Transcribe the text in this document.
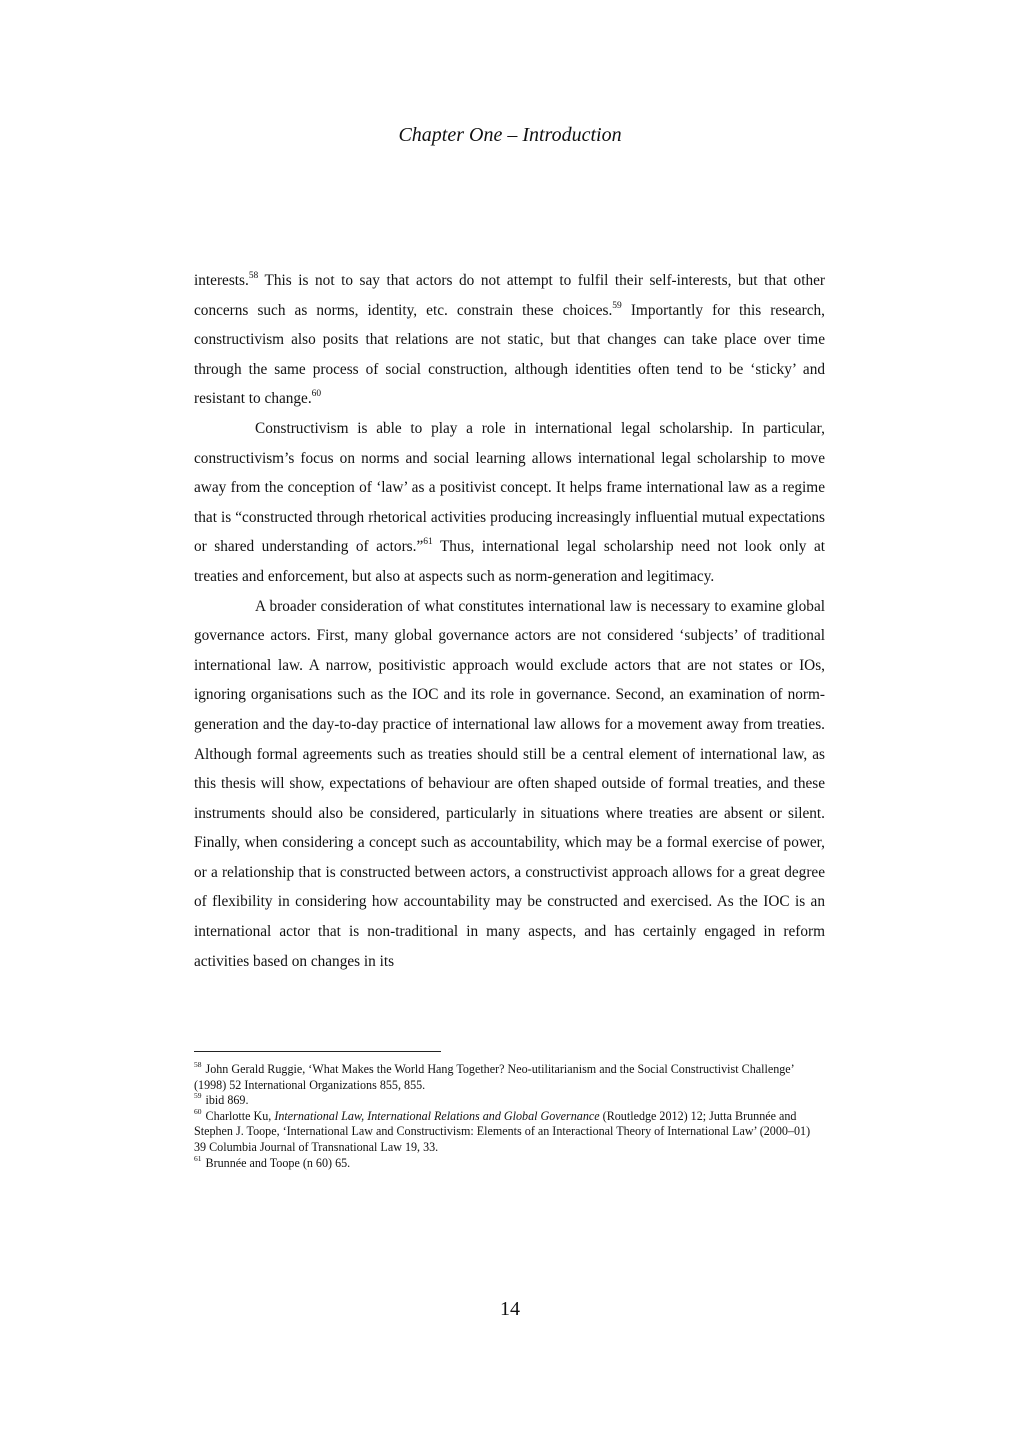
Chapter One – Introduction

interests.$^{58}$ This is not to say that actors do not attempt to fulfil their self-interests, but that other concerns such as norms, identity, etc. constrain these choices.$^{59}$ Importantly for this research, constructivism also posits that relations are not static, but that changes can take place over time through the same process of social construction, although identities often tend to be ‘sticky’ and resistant to change.$^{60}$

Constructivism is able to play a role in international legal scholarship. In particular, constructivism’s focus on norms and social learning allows international legal scholarship to move away from the conception of ‘law’ as a positivist concept. It helps frame international law as a regime that is “constructed through rhetorical activities producing increasingly influential mutual expectations or shared understanding of actors.”$^{61}$ Thus, international legal scholarship need not look only at treaties and enforcement, but also at aspects such as norm-generation and legitimacy.

A broader consideration of what constitutes international law is necessary to examine global governance actors. First, many global governance actors are not considered ‘subjects’ of traditional international law. A narrow, positivistic approach would exclude actors that are not states or IOs, ignoring organisations such as the IOC and its role in governance. Second, an examination of norm-generation and the day-to-day practice of international law allows for a movement away from treaties. Although formal agreements such as treaties should still be a central element of international law, as this thesis will show, expectations of behaviour are often shaped outside of formal treaties, and these instruments should also be considered, particularly in situations where treaties are absent or silent. Finally, when considering a concept such as accountability, which may be a formal exercise of power, or a relationship that is constructed between actors, a constructivist approach allows for a great degree of flexibility in considering how accountability may be constructed and exercised. As the IOC is an international actor that is non-traditional in many aspects, and has certainly engaged in reform activities based on changes in its

$^{58}$ John Gerald Ruggie, ‘What Makes the World Hang Together? Neo-utilitarianism and the Social Constructivist Challenge’ (1998) 52 International Organizations 855, 855.

$^{59}$ ibid 869.

$^{60}$ Charlotte Ku, International Law, International Relations and Global Governance (Routledge 2012) 12; Jutta Brunnée and Stephen J. Toope, ‘International Law and Constructivism: Elements of an Interactional Theory of International Law’ (2000–01) 39 Columbia Journal of Transnational Law 19, 33.

$^{61}$ Brunnée and Toope (n 60) 65.

14
